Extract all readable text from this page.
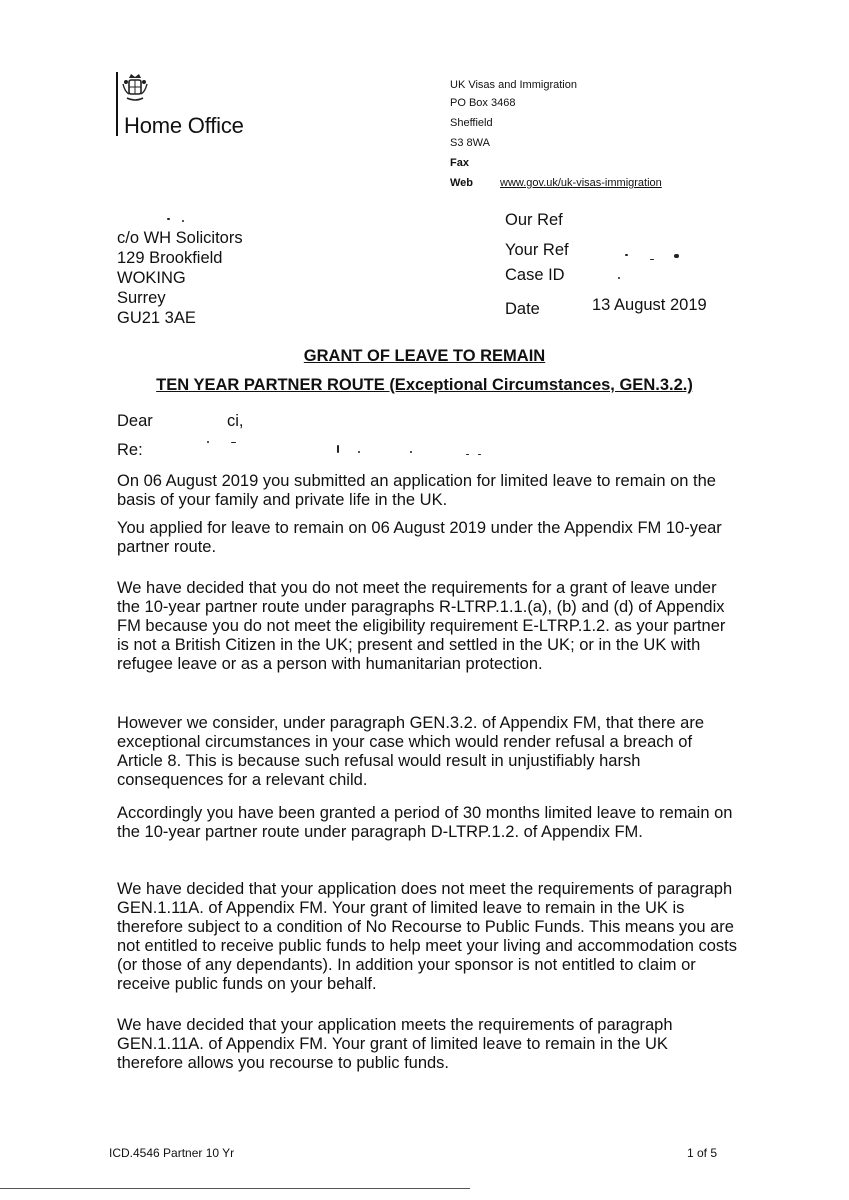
Home Office
UK Visas and Immigration
PO Box 3468
Sheffield
S3 8WA
Fax
Web www.gov.uk/uk-visas-immigration
c/o WH Solicitors
129 Brookfield
WOKING
Surrey
GU21 3AE
Our Ref
Your Ref
Case ID
Date	13 August 2019
GRANT OF LEAVE TO REMAIN
TEN YEAR PARTNER ROUTE (Exceptional Circumstances, GEN.3.2.)
Dear	ci,
Re:

On 06 August 2019 you submitted an application for limited leave to remain on the basis of your family and private life in the UK.

You applied for leave to remain on 06 August 2019 under the Appendix FM 10-year partner route.

We have decided that you do not meet the requirements for a grant of leave under the 10-year partner route under paragraphs R-LTRP.1.1.(a), (b) and (d) of Appendix FM because you do not meet the eligibility requirement E-LTRP.1.2. as your partner is not a British Citizen in the UK; present and settled in the UK; or in the UK with refugee leave or as a person with humanitarian protection.

However we consider, under paragraph GEN.3.2. of Appendix FM, that there are exceptional circumstances in your case which would render refusal a breach of Article 8. This is because such refusal would result in unjustifiably harsh consequences for a relevant child.

Accordingly you have been granted a period of 30 months limited leave to remain on the 10-year partner route under paragraph D-LTRP.1.2. of Appendix FM.

We have decided that your application does not meet the requirements of paragraph GEN.1.11A. of Appendix FM. Your grant of limited leave to remain in the UK is therefore subject to a condition of No Recourse to Public Funds. This means you are not entitled to receive public funds to help meet your living and accommodation costs (or those of any dependants). In addition your sponsor is not entitled to claim or receive public funds on your behalf.

We have decided that your application meets the requirements of paragraph GEN.1.11A. of Appendix FM. Your grant of limited leave to remain in the UK therefore allows you recourse to public funds.

ICD.4546 Partner 10 Yr	1 of 5
